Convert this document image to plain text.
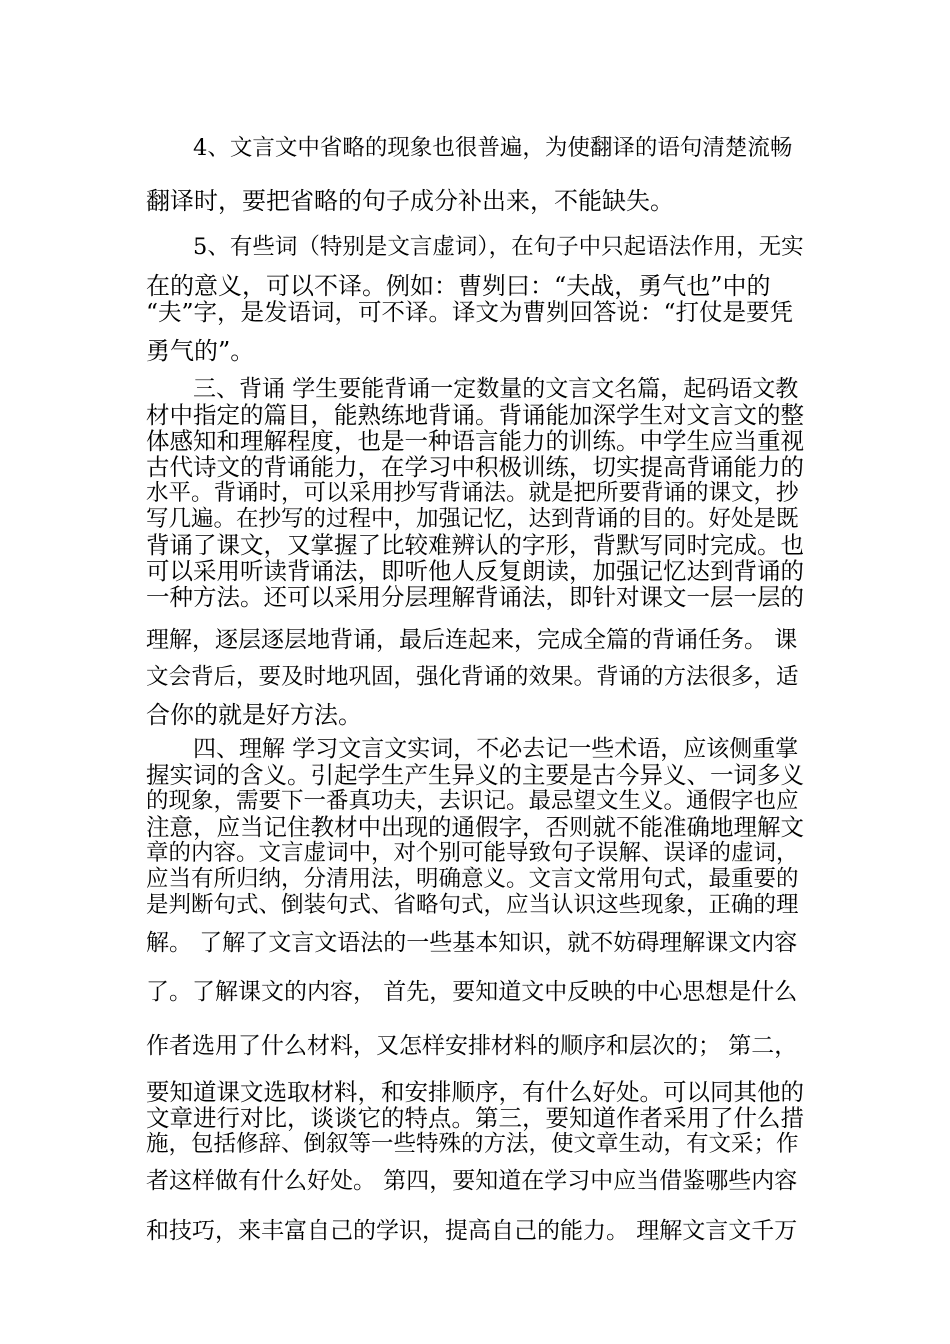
4、文言文中省略的现象也很普遍，为使翻译的语句清楚流畅
翻译时，要把省略的句子成分补出来，不能缺失。
5、有些词（特别是文言虚词），在句子中只起语法作用，无实
在的意义，可以不译。例如：曹刿曰：“夫战，勇气也”中的
“夫”字，是发语词，可不译。译文为曹刿回答说：“打仗是要凭
勇气的”。
三、背诵 学生要能背诵一定数量的文言文名篇，起码语文教
材中指定的篇目，能熟练地背诵。背诵能加深学生对文言文的整
体感知和理解程度，也是一种语言能力的训练。中学生应当重视
古代诗文的背诵能力，在学习中积极训练，切实提高背诵能力的
水平。背诵时，可以采用抄写背诵法。就是把所要背诵的课文，抄
写几遍。在抄写的过程中，加强记忆，达到背诵的目的。好处是既
背诵了课文，又掌握了比较难辨认的字形，背默写同时完成。也
可以采用听读背诵法，即听他人反复朗读，加强记忆达到背诵的
一种方法。还可以采用分层理解背诵法，即针对课文一层一层的
理解，逐层逐层地背诵，最后连起来，完成全篇的背诵任务。 课
文会背后，要及时地巩固，强化背诵的效果。背诵的方法很多，适
合你的就是好方法。
四、理解 学习文言文实词，不必去记一些术语，应该侧重掌
握实词的含义。引起学生产生异义的主要是古今异义、一词多义
的现象，需要下一番真功夫，去识记。最忌望文生义。通假字也应
注意，应当记住教材中出现的通假字，否则就不能准确地理解文
章的内容。文言虚词中，对个别可能导致句子误解、误译的虚词，
应当有所归纳，分清用法，明确意义。文言文常用句式，最重要的
是判断句式、倒装句式、省略句式，应当认识这些现象，正确的理
解。 了解了文言文语法的一些基本知识，就不妨碍理解课文内容
了。了解课文的内容， 首先，要知道文中反映的中心思想是什么
作者选用了什么材料，又怎样安排材料的顺序和层次的； 第二，
要知道课文选取材料，和安排顺序，有什么好处。可以同其他的
文章进行对比，谈谈它的特点。第三，要知道作者采用了什么措
施，包括修辞、倒叙等一些特殊的方法，使文章生动，有文采；作
者这样做有什么好处。 第四，要知道在学习中应当借鉴哪些内容
和技巧，来丰富自己的学识，提高自己的能力。 理解文言文千万
